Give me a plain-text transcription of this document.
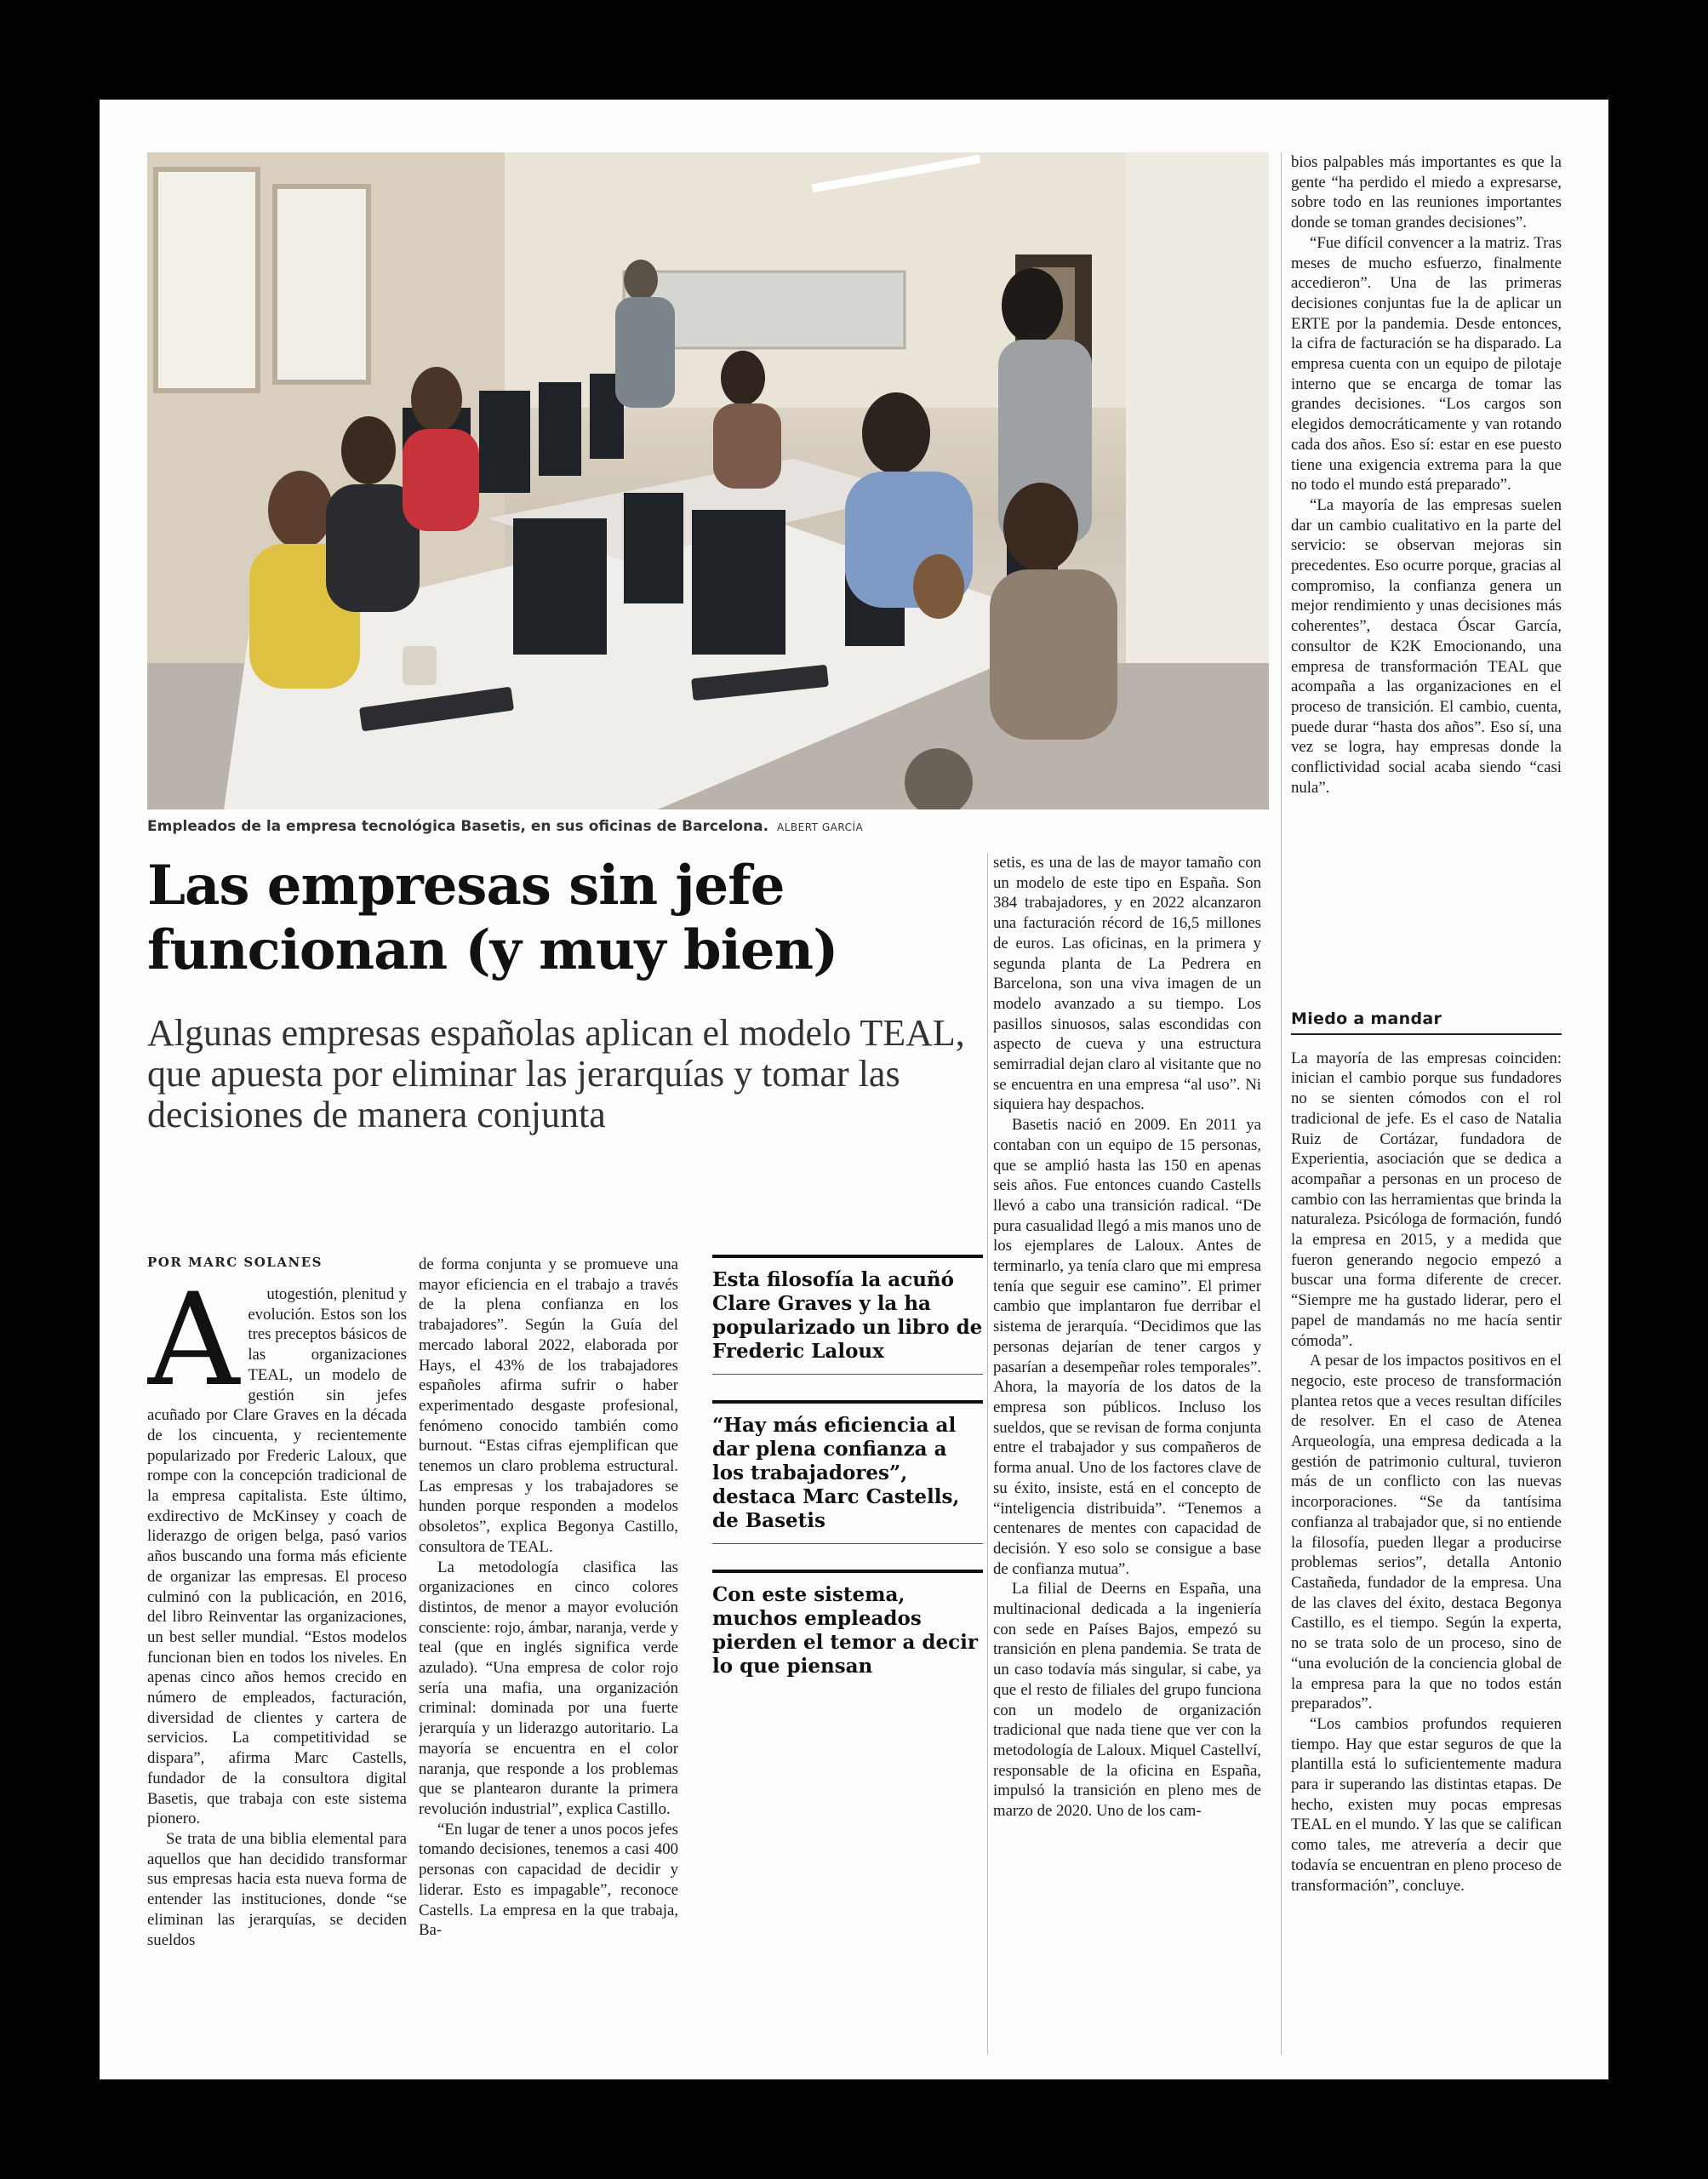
Empleados de la empresa tecnológica Basetis, en sus oficinas de Barcelona. ALBERT GARCÍA
Las empresas sin jefe
funcionan (y muy bien)

Algunas empresas españolas aplican el modelo TEAL, que apuesta por eliminar las jerarquías y tomar las decisiones de manera conjunta

POR MARC SOLANES
A	utogestión, plenitud y evolución. Estos son los tres preceptos básicos de las organizaciones TEAL, un modelo de gestión sin jefes acuñado por Clare Graves en la década de los cincuenta, y recientemente popularizado por Frederic Laloux, que rompe con la concepción tradicional de la empresa capitalista. Este último, exdirectivo de McKinsey y coach de liderazgo de origen belga, pasó varios años buscando una forma más eficiente de organizar las empresas. El proceso culminó con la publicación, en 2016, del libro Reinventar las organizaciones, un best seller mundial. “Estos modelos funcionan bien en todos los niveles. En apenas cinco años hemos crecido en número de empleados, facturación, diversidad de clientes y cartera de servicios. La competitividad se dispara”, afirma Marc Castells, fundador de la consultora digital Basetis, que trabaja con este sistema pionero.

Se trata de una biblia elemental para aquellos que han decidido transformar sus empresas hacia esta nueva forma de entender las instituciones, donde “se eliminan las jerarquías, se deciden sueldos

de forma conjunta y se promueve una mayor eficiencia en el trabajo a través de la plena confianza en los trabajadores”. Según la Guía del mercado laboral 2022, elaborada por Hays, el 43% de los trabajadores españoles afirma sufrir o haber experimentado desgaste profesional, fenómeno conocido también como burnout. “Estas cifras ejemplifican que tenemos un claro problema estructural. Las empresas y los trabajadores se hunden porque responden a modelos obsoletos”, explica Begonya Castillo, consultora de TEAL.

La metodología clasifica las organizaciones en cinco colores distintos, de menor a mayor evolución consciente: rojo, ámbar, naranja, verde y teal (que en inglés significa verde azulado). “Una empresa de color rojo sería una mafia, una organización criminal: dominada por una fuerte jerarquía y un liderazgo autoritario. La mayoría se encuentra en el color naranja, que responde a los problemas que se plantearon durante la primera revolución industrial”, explica Castillo.

“En lugar de tener a unos pocos jefes tomando decisiones, tenemos a casi 400 personas con capacidad de decidir y liderar. Esto es impagable”, reconoce Castells. La empresa en la que trabaja, Ba-

Esta filosofía la acuñó Clare Graves y la ha popularizado un libro de Frederic Laloux
“Hay más eficiencia al dar plena confianza a los trabajadores”, destaca Marc Castells, de Basetis
Con este sistema, muchos empleados pierden el temor a decir lo que piensan

setis, es una de las de mayor tamaño con un modelo de este tipo en España. Son 384 trabajadores, y en 2022 alcanzaron una facturación récord de 16,5 millones de euros. Las oficinas, en la primera y segunda planta de La Pedrera en Barcelona, son una viva imagen de un modelo avanzado a su tiempo. Los pasillos sinuosos, salas escondidas con aspecto de cueva y una estructura semirradial dejan claro al visitante que no se encuentra en una empresa “al uso”. Ni siquiera hay despachos.

Basetis nació en 2009. En 2011 ya contaban con un equipo de 15 personas, que se amplió hasta las 150 en apenas seis años. Fue entonces cuando Castells llevó a cabo una transición radical. “De pura casualidad llegó a mis manos uno de los ejemplares de Laloux. Antes de terminarlo, ya tenía claro que mi empresa tenía que seguir ese camino”. El primer cambio que implantaron fue derribar el sistema de jerarquía. “Decidimos que las personas dejarían de tener cargos y pasarían a desempeñar roles temporales”. Ahora, la mayoría de los datos de la empresa son públicos. Incluso los sueldos, que se revisan de forma conjunta entre el trabajador y sus compañeros de forma anual. Uno de los factores clave de su éxito, insiste, está en el concepto de “inteligencia distribuida”. “Tenemos a centenares de mentes con capacidad de decisión. Y eso solo se consigue a base de confianza mutua”.

La filial de Deerns en España, una multinacional dedicada a la ingeniería con sede en Países Bajos, empezó su transición en plena pandemia. Se trata de un caso todavía más singular, si cabe, ya que el resto de filiales del grupo funciona con un modelo de organización tradicional que nada tiene que ver con la metodología de Laloux. Miquel Castellví, responsable de la oficina en España, impulsó la transición en pleno mes de marzo de 2020. Uno de los cam-

bios palpables más importantes es que la gente “ha perdido el miedo a expresarse, sobre todo en las reuniones importantes donde se toman grandes decisiones”.

“Fue difícil convencer a la matriz. Tras meses de mucho esfuerzo, finalmente accedieron”. Una de las primeras decisiones conjuntas fue la de aplicar un ERTE por la pandemia. Desde entonces, la cifra de facturación se ha disparado. La empresa cuenta con un equipo de pilotaje interno que se encarga de tomar las grandes decisiones. “Los cargos son elegidos democráticamente y van rotando cada dos años. Eso sí: estar en ese puesto tiene una exigencia extrema para la que no todo el mundo está preparado”.

“La mayoría de las empresas suelen dar un cambio cualitativo en la parte del servicio: se observan mejoras sin precedentes. Eso ocurre porque, gracias al compromiso, la confianza genera un mejor rendimiento y unas decisiones más coherentes”, destaca Óscar García, consultor de K2K Emocionando, una empresa de transformación TEAL que acompaña a las organizaciones en el proceso de transición. El cambio, cuenta, puede durar “hasta dos años”. Eso sí, una vez se logra, hay empresas donde la conflictividad social acaba siendo “casi nula”.

Miedo a mandar

La mayoría de las empresas coinciden: inician el cambio porque sus fundadores no se sienten cómodos con el rol tradicional de jefe. Es el caso de Natalia Ruiz de Cortázar, fundadora de Experientia, asociación que se dedica a acompañar a personas en un proceso de cambio con las herramientas que brinda la naturaleza. Psicóloga de formación, fundó la empresa en 2015, y a medida que fueron generando negocio empezó a buscar una forma diferente de crecer. “Siempre me ha gustado liderar, pero el papel de mandamás no me hacía sentir cómoda”.

A pesar de los impactos positivos en el negocio, este proceso de transformación plantea retos que a veces resultan difíciles de resolver. En el caso de Atenea Arqueología, una empresa dedicada a la gestión de patrimonio cultural, tuvieron más de un conflicto con las nuevas incorporaciones. “Se da tantísima confianza al trabajador que, si no entiende la filosofía, pueden llegar a producirse problemas serios”, detalla Antonio Castañeda, fundador de la empresa. Una de las claves del éxito, destaca Begonya Castillo, es el tiempo. Según la experta, no se trata solo de un proceso, sino de “una evolución de la conciencia global de la empresa para la que no todos están preparados”.

“Los cambios profundos requieren tiempo. Hay que estar seguros de que la plantilla está lo suficientemente madura para ir superando las distintas etapas. De hecho, existen muy pocas empresas TEAL en el mundo. Y las que se califican como tales, me atrevería a decir que todavía se encuentran en pleno proceso de transformación”, concluye.
